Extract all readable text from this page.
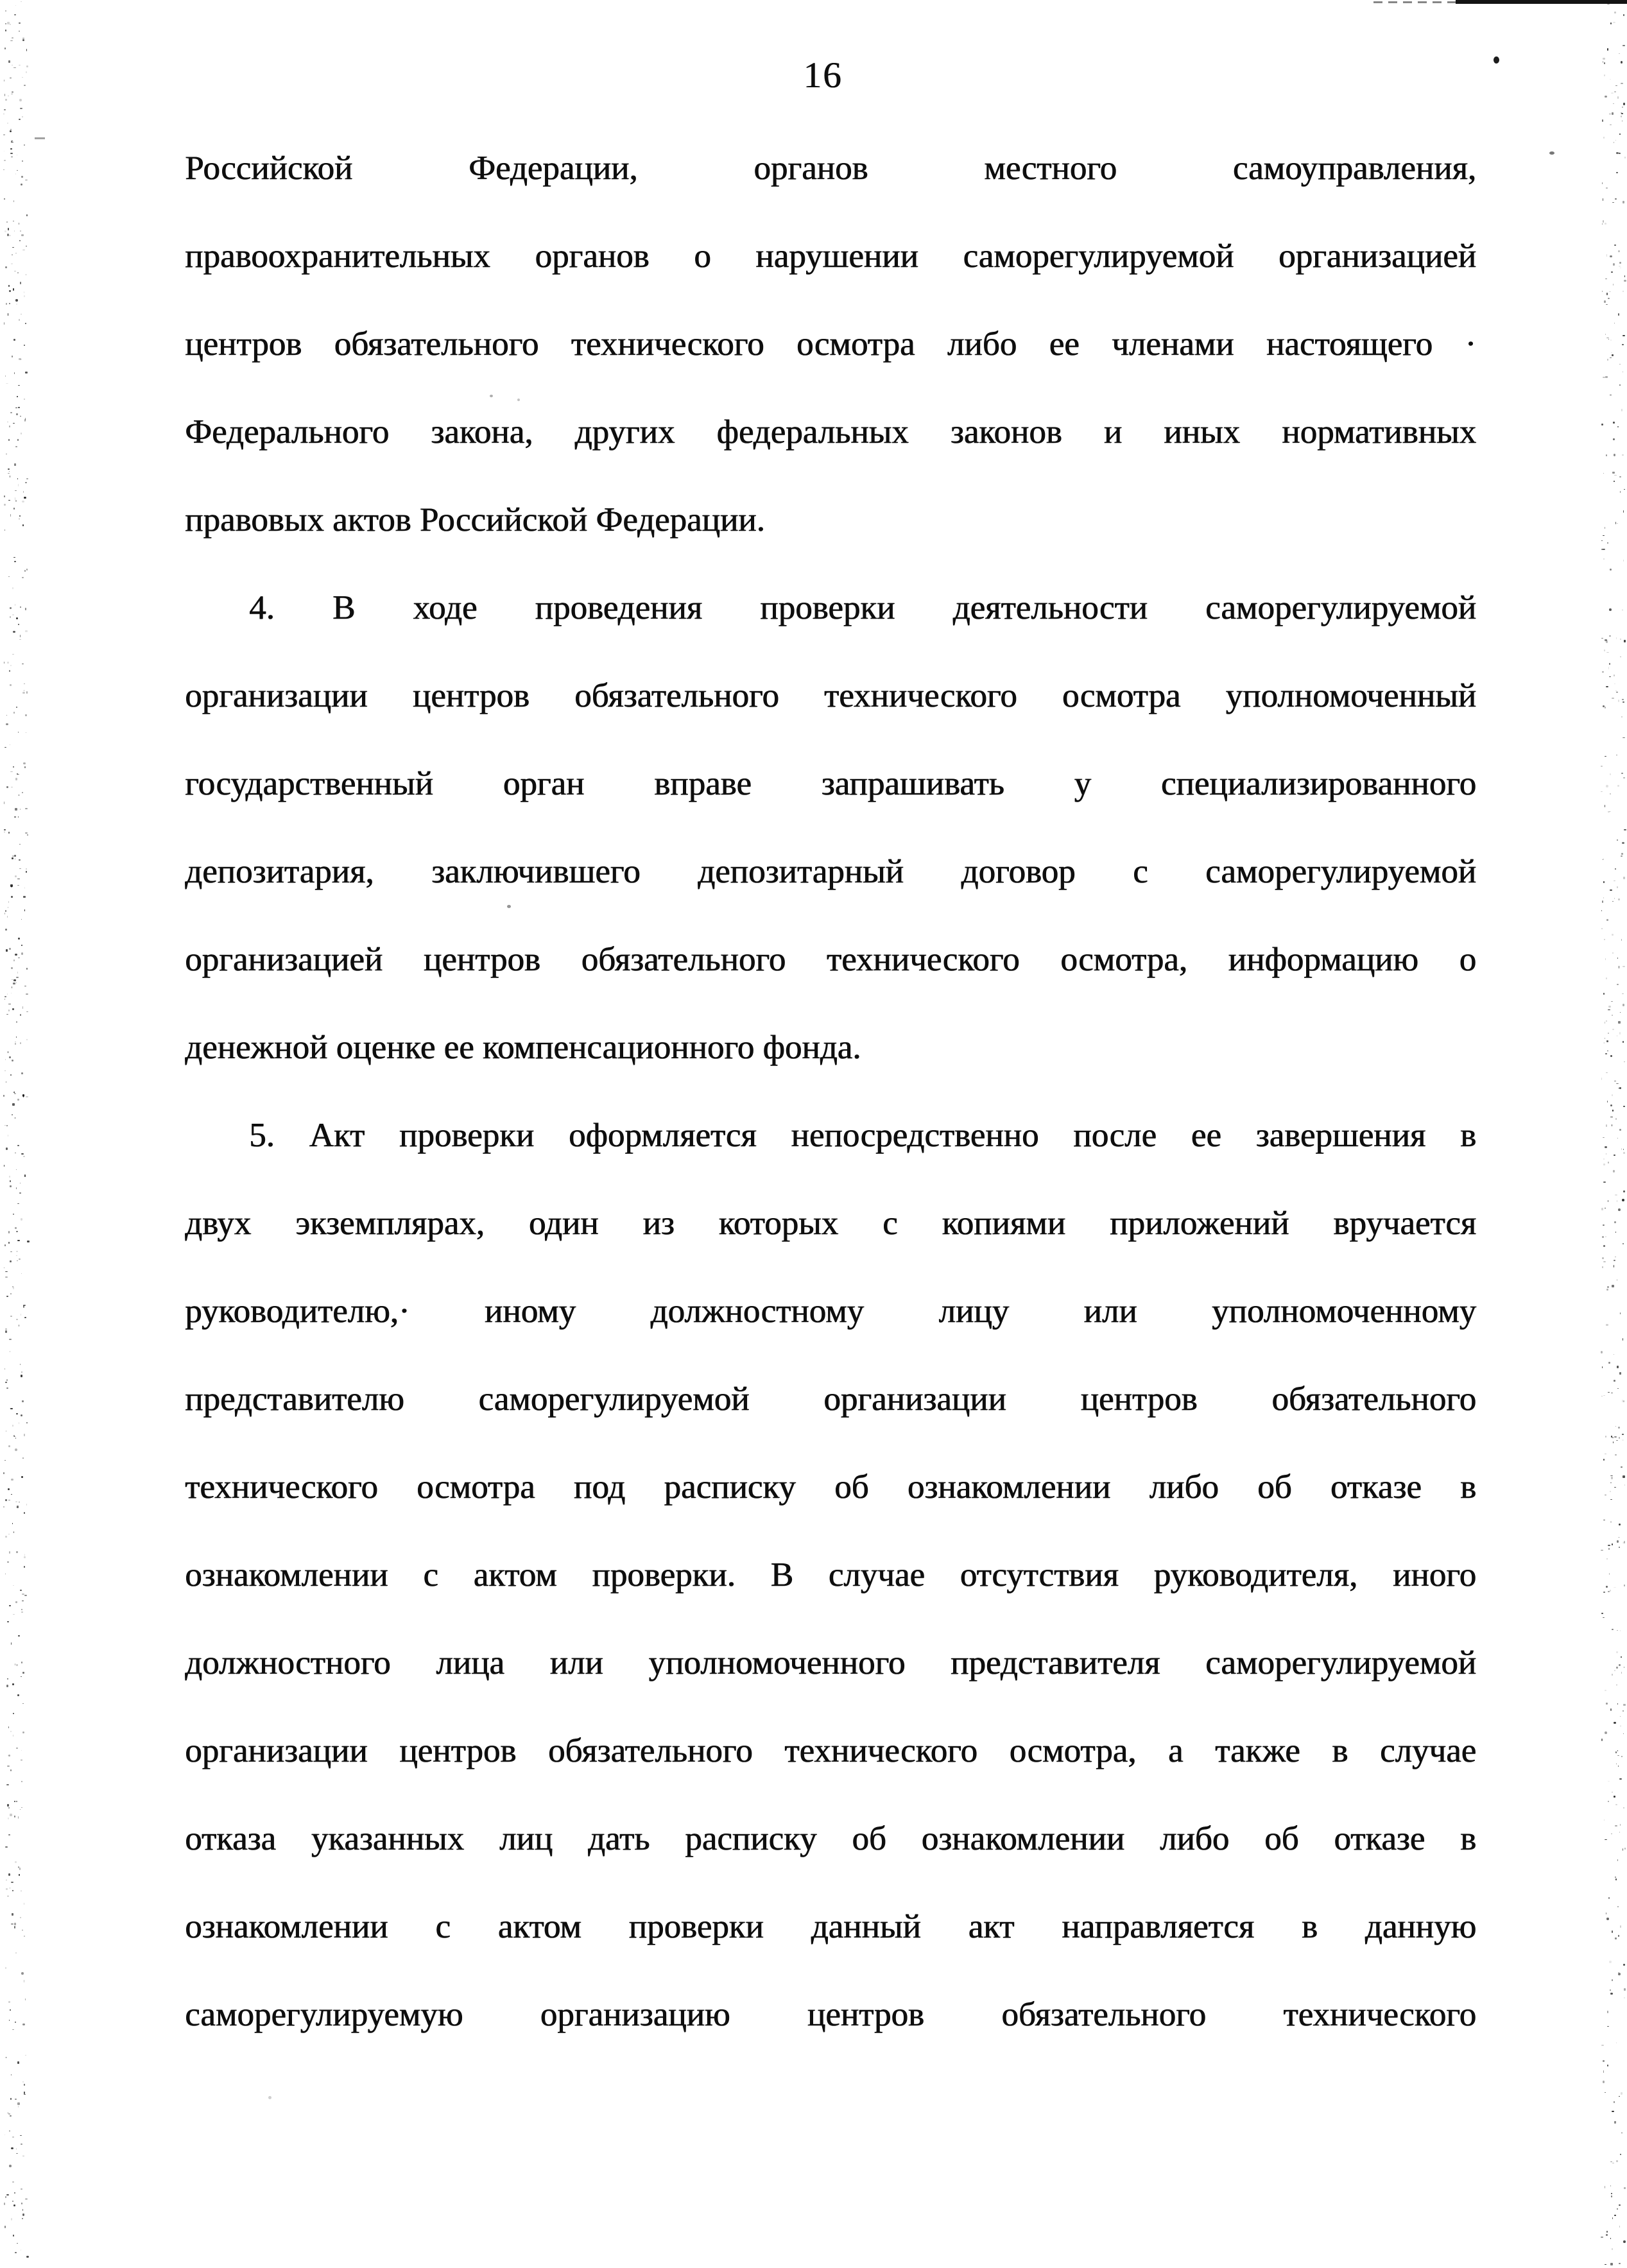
16
Российской Федерации, органов местного самоуправления,
правоохранительных органов о нарушении саморегулируемой организацией
центров обязательного технического осмотра либо ее членами настоящего ·
Федерального закона, других федеральных законов и иных нормативных
правовых актов Российской Федерации.
4. В ходе проведения проверки деятельности саморегулируемой
организации центров обязательного технического осмотра уполномоченный
государственный орган вправе запрашивать у специализированного
депозитария, заключившего депозитарный договор с саморегулируемой
организацией центров обязательного технического осмотра, информацию о
денежной оценке ее компенсационного фонда.
5. Акт проверки оформляется непосредственно после ее завершения в
двух экземплярах, один из которых с копиями приложений вручается
руководителю,· иному должностному лицу или уполномоченному
представителю саморегулируемой организации центров обязательного
технического осмотра под расписку об ознакомлении либо об отказе в
ознакомлении с актом проверки. В случае отсутствия руководителя, иного
должностного лица или уполномоченного представителя саморегулируемой
организации центров обязательного технического осмотра, а также в случае
отказа указанных лиц дать расписку об ознакомлении либо об отказе в
ознакомлении с актом проверки данный акт направляется в данную
саморегулируемую организацию центров обязательного технического
